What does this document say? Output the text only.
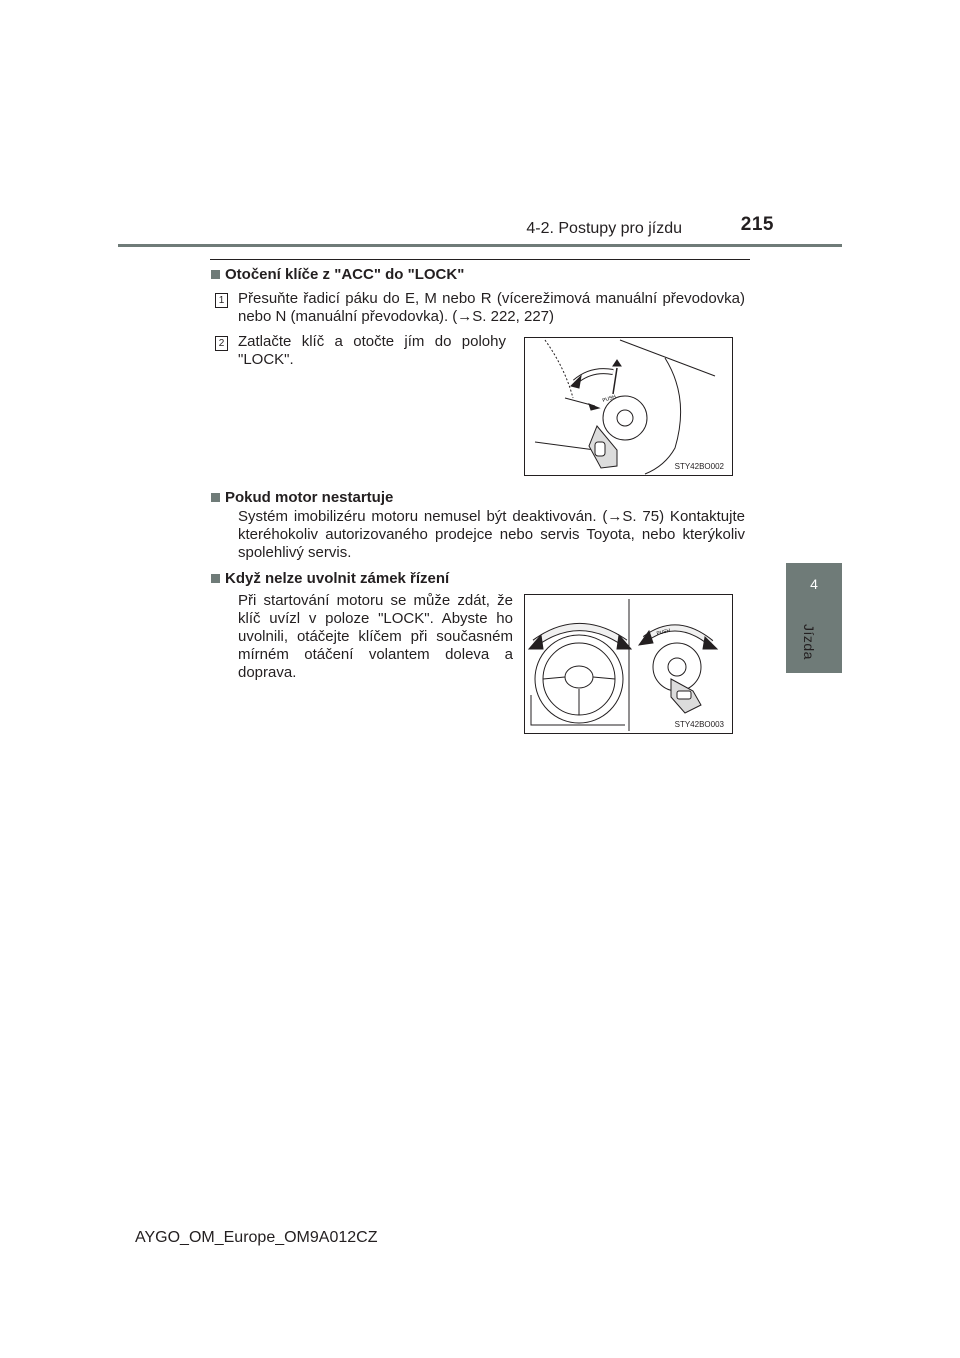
4-2. Postupy pro jízdu	215
4
Jízda
Otočení klíče z "ACC" do "LOCK"
1 Přesuňte řadicí páku do E, M nebo R (vícerežimová manuální převodovka) nebo N (manuální převodovka). (→S. 222, 227)
2 Zatlačte klíč a otočte jím do polohy "LOCK".
PUSH
STY42BO002
Pokud motor nestartuje
Systém imobilizéru motoru nemusel být deaktivován. (→S. 75) Kontaktujte kteréhokoliv autorizovaného prodejce nebo servis Toyota, nebo kterýkoliv spolehlivý servis.
Když nelze uvolnit zámek řízení
Při startování motoru se může zdát, že klíč uvízl v poloze "LOCK". Abyste ho uvolnili, otáčejte klíčem při současném mírném otáčení volantem doleva a doprava.
PUSH
STY42BO003
AYGO_OM_Europe_OM9A012CZ
